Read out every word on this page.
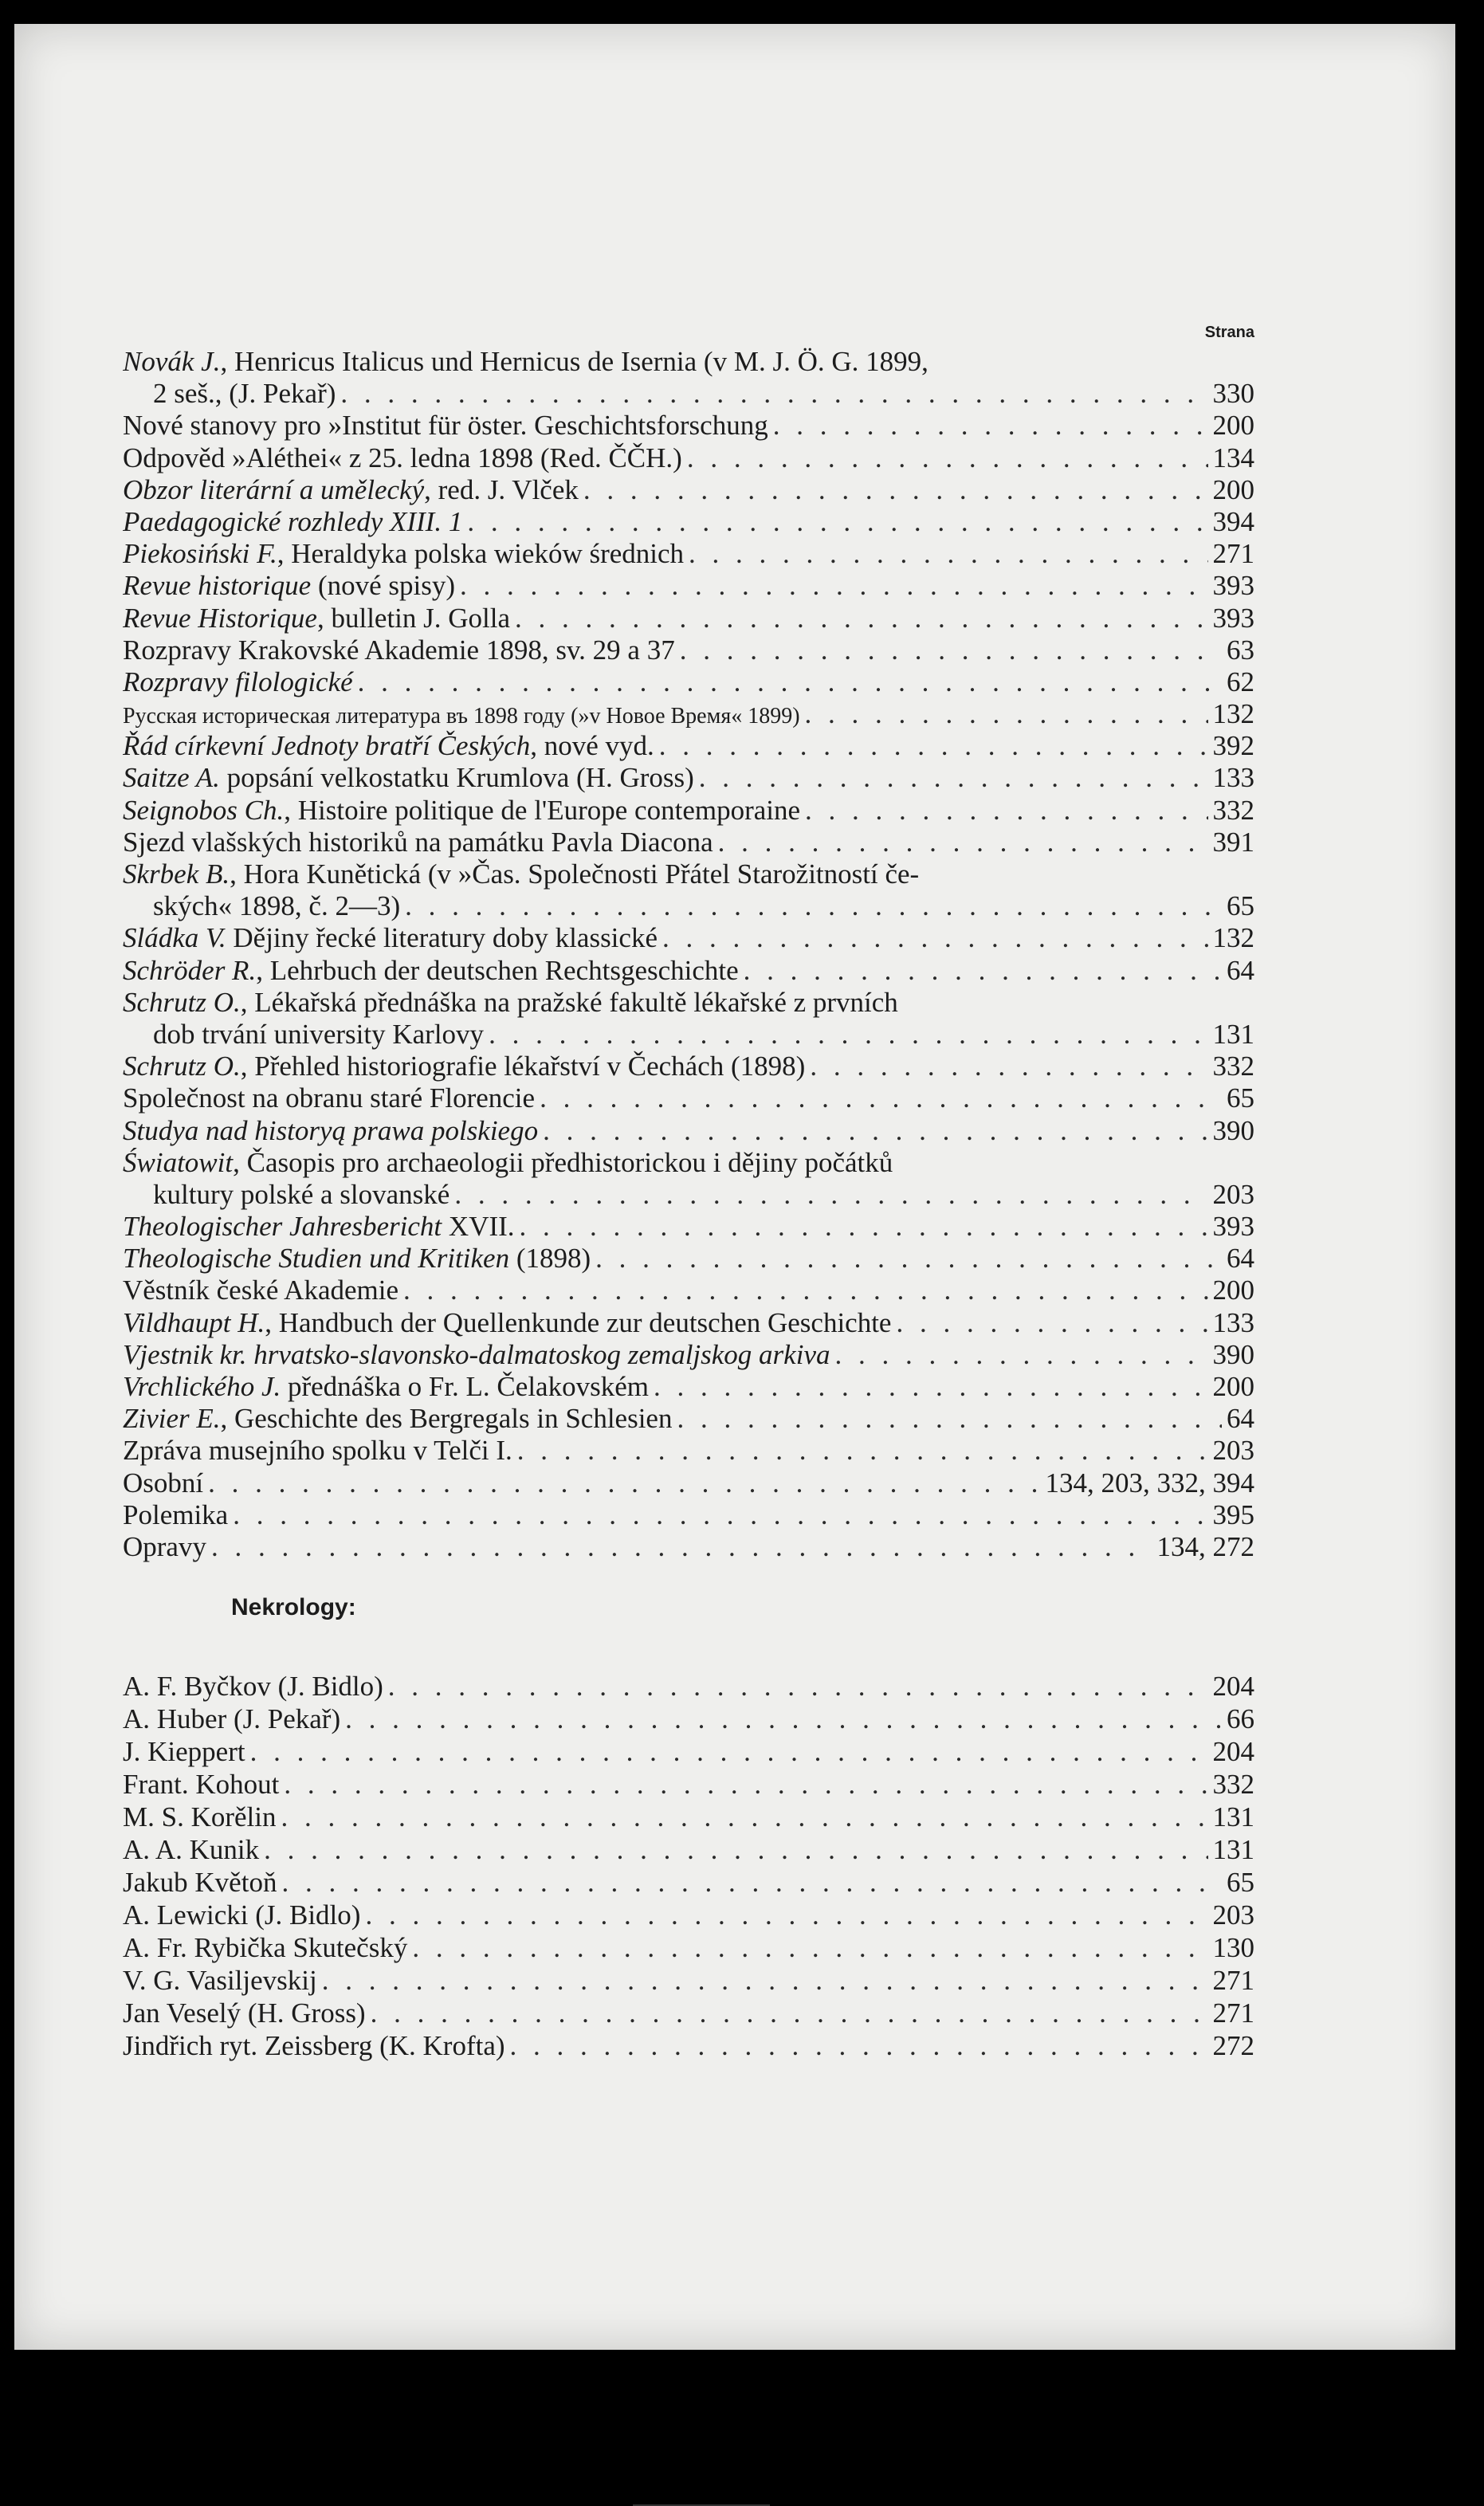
Strana
Novák J., Henricus Italicus und Hernicus de Isernia (v M. J. Ö. G. 1899,
2 seš., (J. Pekař) . . .	330
Nové stanovy pro »Institut für öster. Geschichtsforschung . . .	200
Odpověd »Aléthei« z 25. ledna 1898 (Red. ČČH.) . . .	134
Obzor literární a umělecký, red. J. Vlček . . .	200
Paedagogické rozhledy XIII. 1 . . .	394
Piekosiński F., Heraldyka polska wieków średnich . . .	271
Revue historique (nové spisy) . . .	393
Revue Historique, bulletin J. Golla . . .	393
Rozpravy Krakovské Akademie 1898, sv. 29 a 37 . . .	63
Rozpravy filologické . . .	62
Русская историческая литература въ 1898 году (»v Новое Время« 1899) . . .	132
Řád církevní Jednoty bratří Českých, nové vyd. . . .	392
Saitze A. popsání velkostatku Krumlova (H. Gross) . . .	133
Seignobos Ch., Histoire politique de l'Europe contemporaine . . .	332
Sjezd vlašských historiků na památku Pavla Diacona . . .	391
Skrbek B., Hora Kunětická (v »Čas. Společnosti Přátel Starožitností če-
ských« 1898, č. 2—3) . . .	65
Sládka V. Dějiny řecké literatury doby klassické . . .	132
Schröder R., Lehrbuch der deutschen Rechtsgeschichte . . .	64
Schrutz O., Lékařská přednáška na pražské fakultě lékařské z prvních
dob trvání university Karlovy . . .	131
Schrutz O., Přehled historiografie lékařství v Čechách (1898) . . .	332
Společnost na obranu staré Florencie . . .	65
Studya nad historyą prawa polskiego . . .	390
Światowit, Časopis pro archaeologii předhistorickou i dějiny počátků
kultury polské a slovanské . . .	203
Theologischer Jahresbericht XVII. . . .	393
Theologische Studien und Kritiken (1898) . . .	64
Věstník české Akademie . . .	200
Vildhaupt H., Handbuch der Quellenkunde zur deutschen Geschichte . . .	133
Vjestnik kr. hrvatsko-slavonsko-dalmatoskog zemaljskog arkiva . . .	390
Vrchlického J. přednáška o Fr. L. Čelakovském . . .	200
Zivier E., Geschichte des Bergregals in Schlesien . . .	64
Zpráva musejního spolku v Telči I. . . .	203
Osobní . . .	134, 203, 332, 394
Polemika . . .	395
Opravy . . .	134, 272
Nekrology:
A. F. Byčkov (J. Bidlo) . . .	204
A. Huber (J. Pekař) . . .	66
J. Kieppert . . .	204
Frant. Kohout . . .	332
M. S. Korělin . . .	131
A. A. Kunik . . .	131
Jakub Květoň . . .	65
A. Lewicki (J. Bidlo) . . .	203
A. Fr. Rybička Skutečský . . .	130
V. G. Vasiljevskij . . .	271
Jan Veselý (H. Gross) . . .	271
Jindřich ryt. Zeissberg (K. Krofta) . . .	272
